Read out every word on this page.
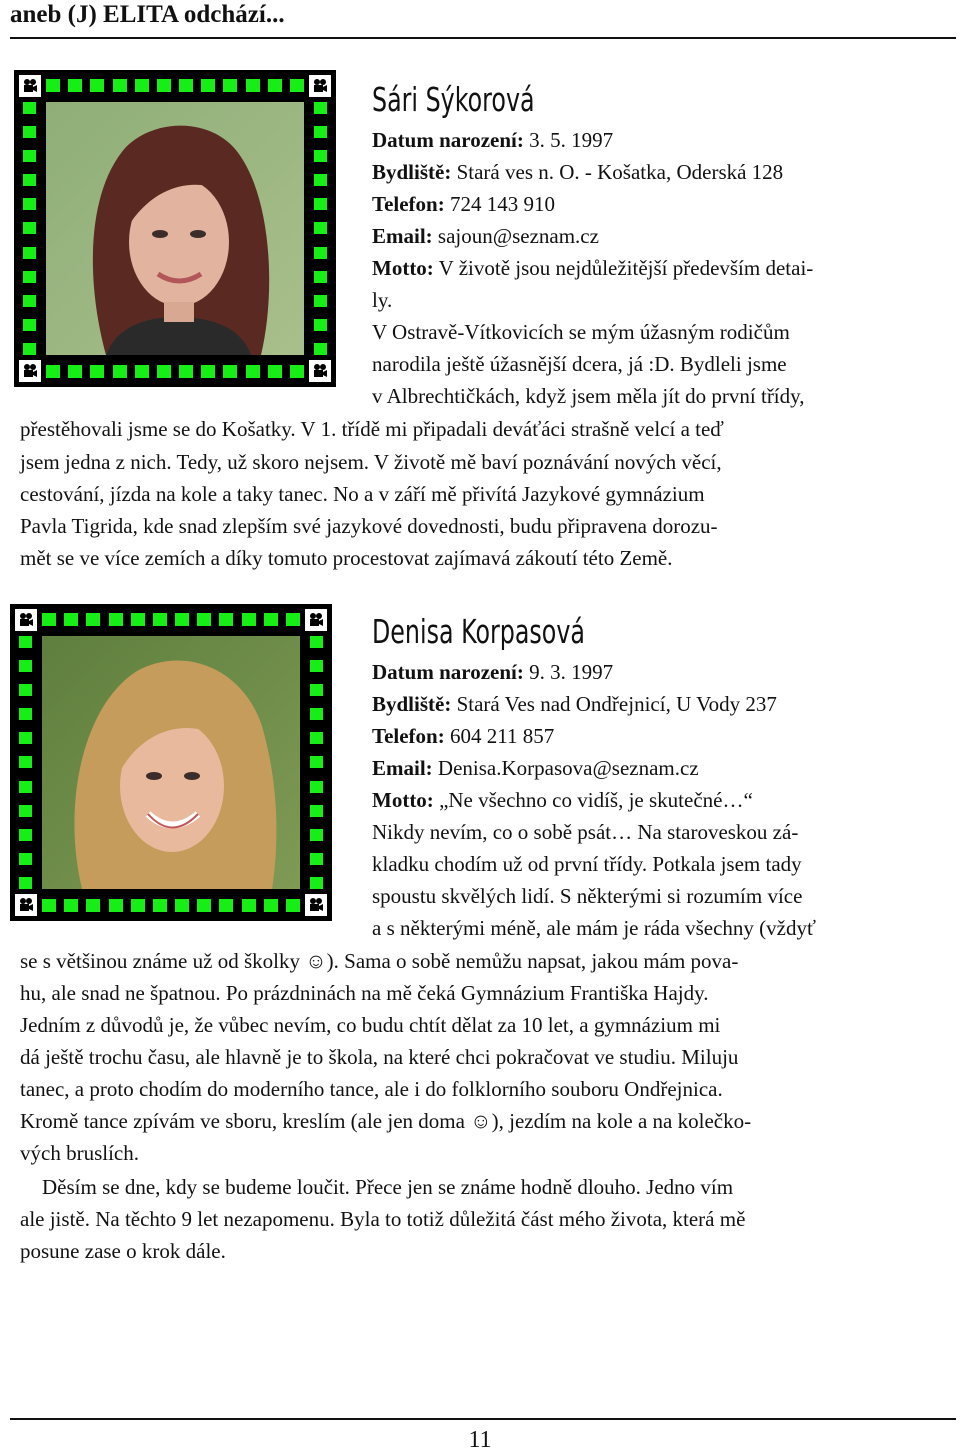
aneb (J) ELITA odchází...
Sári Sýkorová
Datum narození: 3. 5. 1997
Bydliště: Stará ves n. O. - Košatka, Oderská 128
Telefon: 724 143 910
Email: sajoun@seznam.cz
Motto: V životě jsou nejdůležitější především detai-
ly.
V Ostravě-Vítkovicích se mým úžasným rodičům
narodila ještě úžasnější dcera, já :D. Bydleli jsme
v Albrechtičkách, když jsem měla jít do první třídy,
přestěhovali jsme se do Košatky. V 1. třídě mi připadali deváťáci strašně velcí a teď
jsem jedna z nich. Tedy, už skoro nejsem. V životě mě baví poznávání nových věcí,
cestování, jízda na kole a taky tanec. No a v září mě přivítá Jazykové gymnázium
Pavla Tigrida, kde snad zlepším své jazykové dovednosti, budu připravena dorozu-
mět se ve více zemích a díky tomuto procestovat zajímavá zákoutí této Země.
Denisa Korpasová
Datum narození: 9. 3. 1997
Bydliště: Stará Ves nad Ondřejnicí, U Vody 237
Telefon: 604 211 857
Email: Denisa.Korpasova@seznam.cz
Motto: „Ne všechno co vidíš, je skutečné…“
Nikdy nevím, co o sobě psát… Na staroveskou zá-
kladku chodím už od první třídy. Potkala jsem tady
spoustu skvělých lidí. S některými si rozumím více
a s některými méně, ale mám je ráda všechny (vždyť
se s většinou známe už od školky ☺). Sama o sobě nemůžu napsat, jakou mám pova-
hu, ale snad ne špatnou. Po prázdninách na mě čeká Gymnázium Františka Hajdy.
Jedním z důvodů je, že vůbec nevím, co budu chtít dělat za 10 let, a gymnázium mi
dá ještě trochu času, ale hlavně je to škola, na které chci pokračovat ve studiu. Miluju
tanec, a proto chodím do moderního tance, ale i do folklorního souboru Ondřejnica.
Kromě tance zpívám ve sboru, kreslím (ale jen doma ☺), jezdím na kole a na kolečko-
vých bruslích.
Děsím se dne, kdy se budeme loučit. Přece jen se známe hodně dlouho. Jedno vím
ale jistě. Na těchto 9 let nezapomenu. Byla to totiž důležitá část mého života, která mě
posune zase o krok dále.
11
